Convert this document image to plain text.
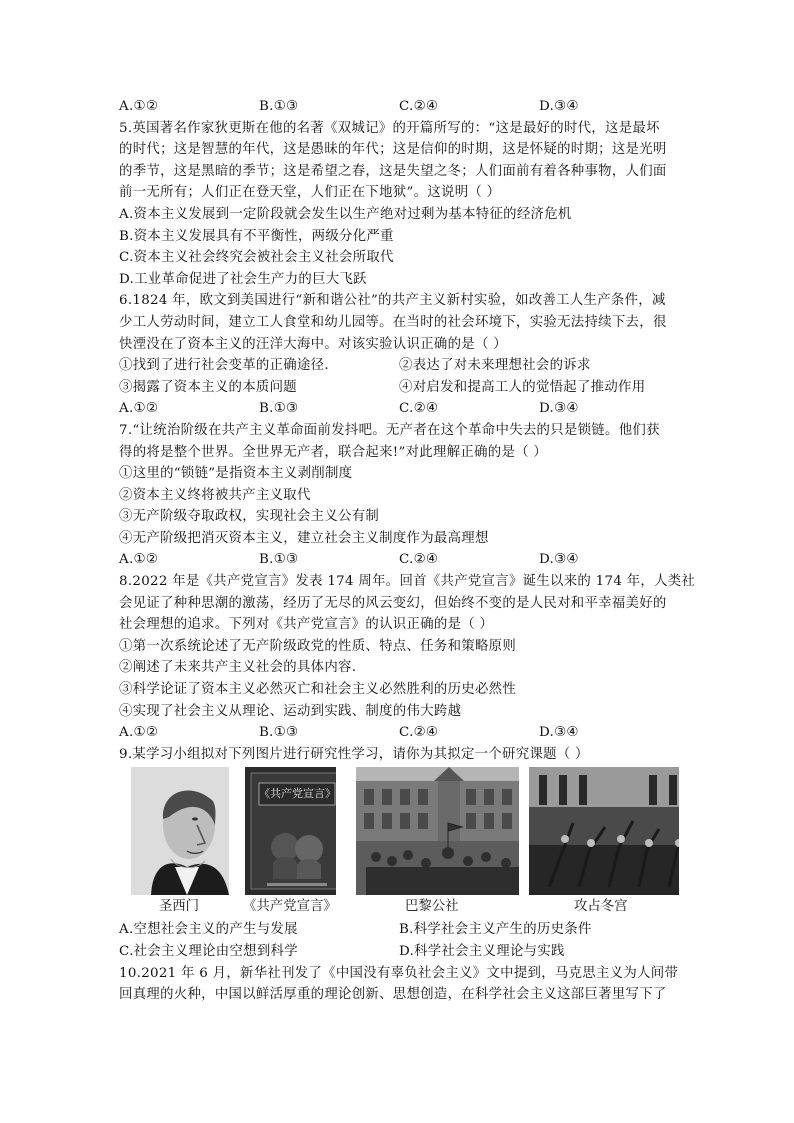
A.①②	B.①③	C.②④	D.③④
5.英国著名作家狄更斯在他的名著《双城记》的开篇所写的：“这是最好的时代，这是最坏
的时代；这是智慧的年代，这是愚昧的年代；这是信仰的时期，这是怀疑的时期；这是光明
的季节，这是黑暗的季节；这是希望之春，这是失望之冬；人们面前有着各种事物，人们面
前一无所有；人们正在登天堂，人们正在下地狱”。这说明（ ）
A.资本主义发展到一定阶段就会发生以生产绝对过剩为基本特征的经济危机
B.资本主义发展具有不平衡性，两级分化严重
C.资本主义社会终究会被社会主义社会所取代
D.工业革命促进了社会生产力的巨大飞跃
6.1824 年，欧文到美国进行“新和谐公社”的共产主义新村实验，如改善工人生产条件，减
少工人劳动时间，建立工人食堂和幼儿园等。在当时的社会环境下，实验无法持续下去，很
快湮没在了资本主义的汪洋大海中。对该实验认识正确的是（ ）
①找到了进行社会变革的正确途径.	②表达了对未来理想社会的诉求
③揭露了资本主义的本质问题	④对启发和提高工人的觉悟起了推动作用
A.①②	B.①③	C.②④	D.③④
7.“让统治阶级在共产主义革命面前发抖吧。无产者在这个革命中失去的只是锁链。他们获
得的将是整个世界。全世界无产者，联合起来!”对此理解正确的是（ ）
①这里的“锁链”是指资本主义剥削制度
②资本主义终将被共产主义取代
③无产阶级夺取政权，实现社会主义公有制
④无产阶级把消灭资本主义，建立社会主义制度作为最高理想
A.①②	B.①③	C.②④	D.③④
8.2022 年是《共产党宣言》发表 174 周年。回首《共产党宣言》诞生以来的 174 年，人类社
会见证了种种思潮的激荡，经历了无尽的风云变幻，但始终不变的是人民对和平幸福美好的
社会理想的追求。下列对《共产党宣言》的认识正确的是（ ）
①第一次系统论述了无产阶级政党的性质、特点、任务和策略原则
②阐述了未来共产主义社会的具体内容.
③科学论证了资本主义必然灭亡和社会主义必然胜利的历史必然性
④实现了社会主义从理论、运动到实践、制度的伟大跨越
A.①②	B.①③	C.②④	D.③④
9.某学习小组拟对下列图片进行研究性学习，请你为其拟定一个研究课题（ ）
《共产党宣言》
圣西门	《共产党宣言》	巴黎公社	攻占冬宫
A.空想社会主义的产生与发展	B.科学社会主义产生的历史条件
C.社会主义理论由空想到科学	D.科学社会主义理论与实践
10.2021 年 6 月，新华社刊发了《中国没有辜负社会主义》文中提到，马克思主义为人间带
回真理的火种，中国以鲜活厚重的理论创新、思想创造，在科学社会主义这部巨著里写下了
